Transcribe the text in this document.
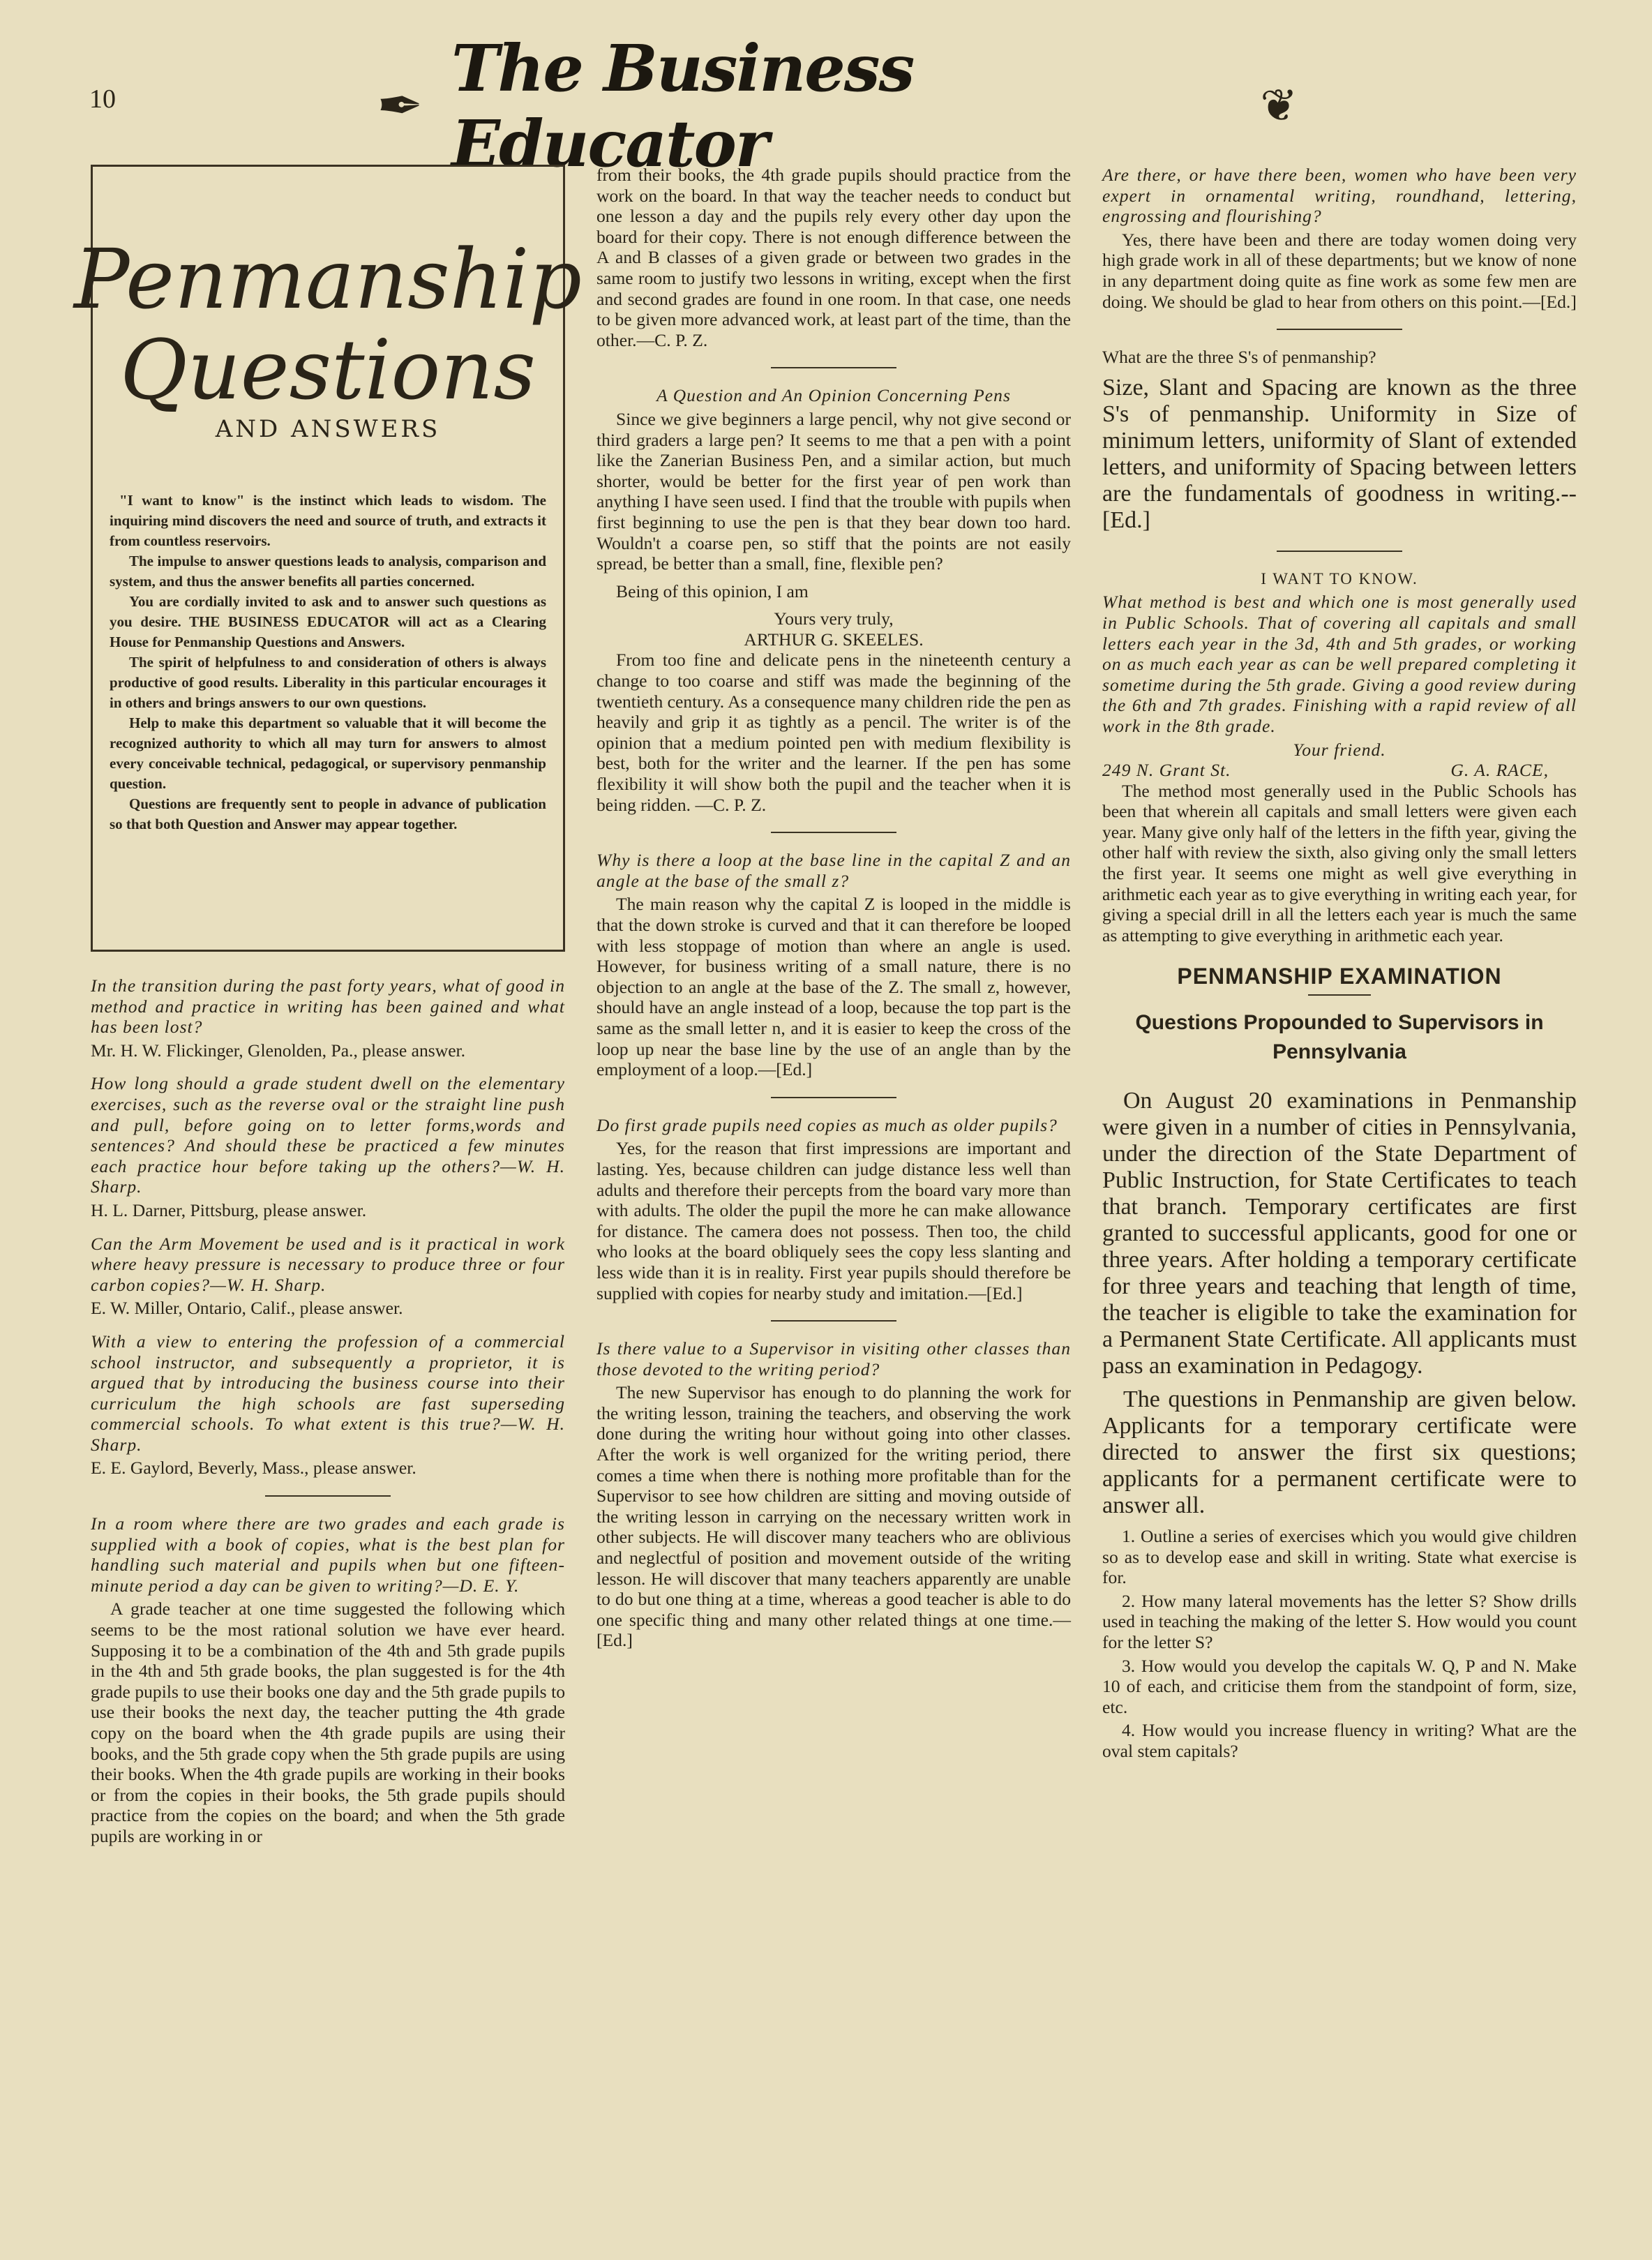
10	✒
The Business Educator
❦
Penmanship
Questions
AND ANSWERS

"I want to know" is the instinct which leads to wisdom. The inquiring mind discovers the need and source of truth, and extracts it from countless reservoirs.

The impulse to answer questions leads to analysis, comparison and system, and thus the answer benefits all parties concerned.

You are cordially invited to ask and to answer such questions as you desire. THE BUSINESS EDUCATOR will act as a Clearing House for Penmanship Questions and Answers.

The spirit of helpfulness to and consideration of others is always productive of good results. Liberality in this particular encourages it in others and brings answers to our own questions.

Help to make this department so valuable that it will become the recognized authority to which all may turn for answers to almost every conceivable technical, pedagogical, or supervisory penmanship question.

Questions are frequently sent to people in advance of publication so that both Question and Answer may appear together.

In the transition during the past forty years, what of good in method and practice in writing has been gained and what has been lost?

Mr. H. W. Flickinger, Glenolden, Pa., please answer.

How long should a grade student dwell on the elementary exercises, such as the reverse oval or the straight line push and pull, before going on to letter forms,words and sentences? And should these be practiced a few minutes each practice hour before taking up the others?—W. H. Sharp.

H. L. Darner, Pittsburg, please answer.

Can the Arm Movement be used and is it practical in work where heavy pressure is necessary to produce three or four carbon copies?—W. H. Sharp.

E. W. Miller, Ontario, Calif., please answer.

With a view to entering the profession of a commercial school instructor, and subsequently a proprietor, it is argued that by introducing the business course into their curriculum the high schools are fast superseding commercial schools. To what extent is this true?—W. H. Sharp.

E. E. Gaylord, Beverly, Mass., please answer.

In a room where there are two grades and each grade is supplied with a book of copies, what is the best plan for handling such material and pupils when but one fifteen-minute period a day can be given to writing?—D. E. Y.

A grade teacher at one time suggested the following which seems to be the most rational solution we have ever heard. Supposing it to be a combination of the 4th and 5th grade pupils in the 4th and 5th grade books, the plan suggested is for the 4th grade pupils to use their books one day and the 5th grade pupils to use their books the next day, the teacher putting the 4th grade copy on the board when the 4th grade pupils are using their books, and the 5th grade copy when the 5th grade pupils are using their books. When the 4th grade pupils are working in their books or from the copies in their books, the 5th grade pupils should practice from the copies on the board; and when the 5th grade pupils are working in or

from their books, the 4th grade pupils should practice from the work on the board. In that way the teacher needs to conduct but one lesson a day and the pupils rely every other day upon the board for their copy. There is not enough difference between the A and B classes of a given grade or between two grades in the same room to justify two lessons in writing, except when the first and second grades are found in one room. In that case, one needs to be given more advanced work, at least part of the time, than the other.—C. P. Z.

A Question and An Opinion Concerning Pens

Since we give beginners a large pencil, why not give second or third graders a large pen? It seems to me that a pen with a point like the Zanerian Business Pen, and a similar action, but much shorter, would be better for the first year of pen work than anything I have seen used. I find that the trouble with pupils when first beginning to use the pen is that they bear down too hard. Wouldn't a coarse pen, so stiff that the points are not easily spread, be better than a small, fine, flexible pen?

Being of this opinion, I am

Yours very truly,

ARTHUR G. SKEELES.

From too fine and delicate pens in the nineteenth century a change to too coarse and stiff was made the beginning of the twentieth century. As a consequence many children ride the pen as heavily and grip it as tightly as a pencil. The writer is of the opinion that a medium pointed pen with medium flexibility is best, both for the writer and the learner. If the pen has some flexibility it will show both the pupil and the teacher when it is being ridden. —C. P. Z.

Why is there a loop at the base line in the capital Z and an angle at the base of the small z?

The main reason why the capital Z is looped in the middle is that the down stroke is curved and that it can therefore be looped with less stoppage of motion than where an angle is used. However, for business writing of a small nature, there is no objection to an angle at the base of the Z. The small z, however, should have an angle instead of a loop, because the top part is the same as the small letter n, and it is easier to keep the cross of the loop up near the base line by the use of an angle than by the employment of a loop.—[Ed.]

Do first grade pupils need copies as much as older pupils?

Yes, for the reason that first impressions are important and lasting. Yes, because children can judge distance less well than adults and therefore their percepts from the board vary more than with adults. The older the pupil the more he can make allowance for distance. The camera does not possess. Then too, the child who looks at the board obliquely sees the copy less slanting and less wide than it is in reality. First year pupils should therefore be supplied with copies for nearby study and imitation.—[Ed.]

Is there value to a Supervisor in visiting other classes than those devoted to the writing period?

The new Supervisor has enough to do planning the work for the writing lesson, training the teachers, and observing the work done during the writing hour without going into other classes. After the work is well organized for the writing period, there comes a time when there is nothing more profitable than for the Supervisor to see how children are sitting and moving outside of the writing lesson in carrying on the necessary written work in other subjects. He will discover many teachers who are oblivious and neglectful of position and movement outside of the writing lesson. He will discover that many teachers apparently are unable to do but one thing at a time, whereas a good teacher is able to do one specific thing and many other related things at one time.—[Ed.]

Are there, or have there been, women who have been very expert in ornamental writing, roundhand, lettering, engrossing and flourishing?

Yes, there have been and there are today women doing very high grade work in all of these departments; but we know of none in any department doing quite as fine work as some few men are doing. We should be glad to hear from others on this point.—[Ed.]

What are the three S's of penmanship?

Size, Slant and Spacing are known as the three S's of penmanship. Uniformity in Size of minimum letters, uniformity of Slant of extended letters, and uniformity of Spacing between letters are the fundamentals of goodness in writing.--[Ed.]

I WANT TO KNOW.

What method is best and which one is most generally used in Public Schools. That of covering all capitals and small letters each year in the 3d, 4th and 5th grades, or working on as much each year as can be well prepared completing it sometime during the 5th grade. Giving a good review during the 6th and 7th grades. Finishing with a rapid review of all work in the 8th grade.

Your friend.

249 N. Grant St.	G. A. RACE,

The method most generally used in the Public Schools has been that wherein all capitals and small letters were given each year. Many give only half of the letters in the fifth year, giving the other half with review the sixth, also giving only the small letters the first year. It seems one might as well give everything in arithmetic each year as to give everything in writing each year, for giving a special drill in all the letters each year is much the same as attempting to give everything in arithmetic each year.

PENMANSHIP EXAMINATION
Questions Propounded to Supervisors in Pennsylvania

On August 20 examinations in Penmanship were given in a number of cities in Pennsylvania, under the direction of the State Department of Public Instruction, for State Certificates to teach that branch. Temporary certificates are first granted to successful applicants, good for one or three years. After holding a temporary certificate for three years and teaching that length of time, the teacher is eligible to take the examination for a Permanent State Certificate. All applicants must pass an examination in Pedagogy.

The questions in Penmanship are given below. Applicants for a temporary certificate were directed to answer the first six questions; applicants for a permanent certificate were to answer all.

1. Outline a series of exercises which you would give children so as to develop ease and skill in writing. State what exercise is for.

2. How many lateral movements has the letter S? Show drills used in teaching the making of the letter S. How would you count for the letter S?

3. How would you develop the capitals W. Q, P and N. Make 10 of each, and criticise them from the standpoint of form, size, etc.

4. How would you increase fluency in writing? What are the oval stem capitals?
